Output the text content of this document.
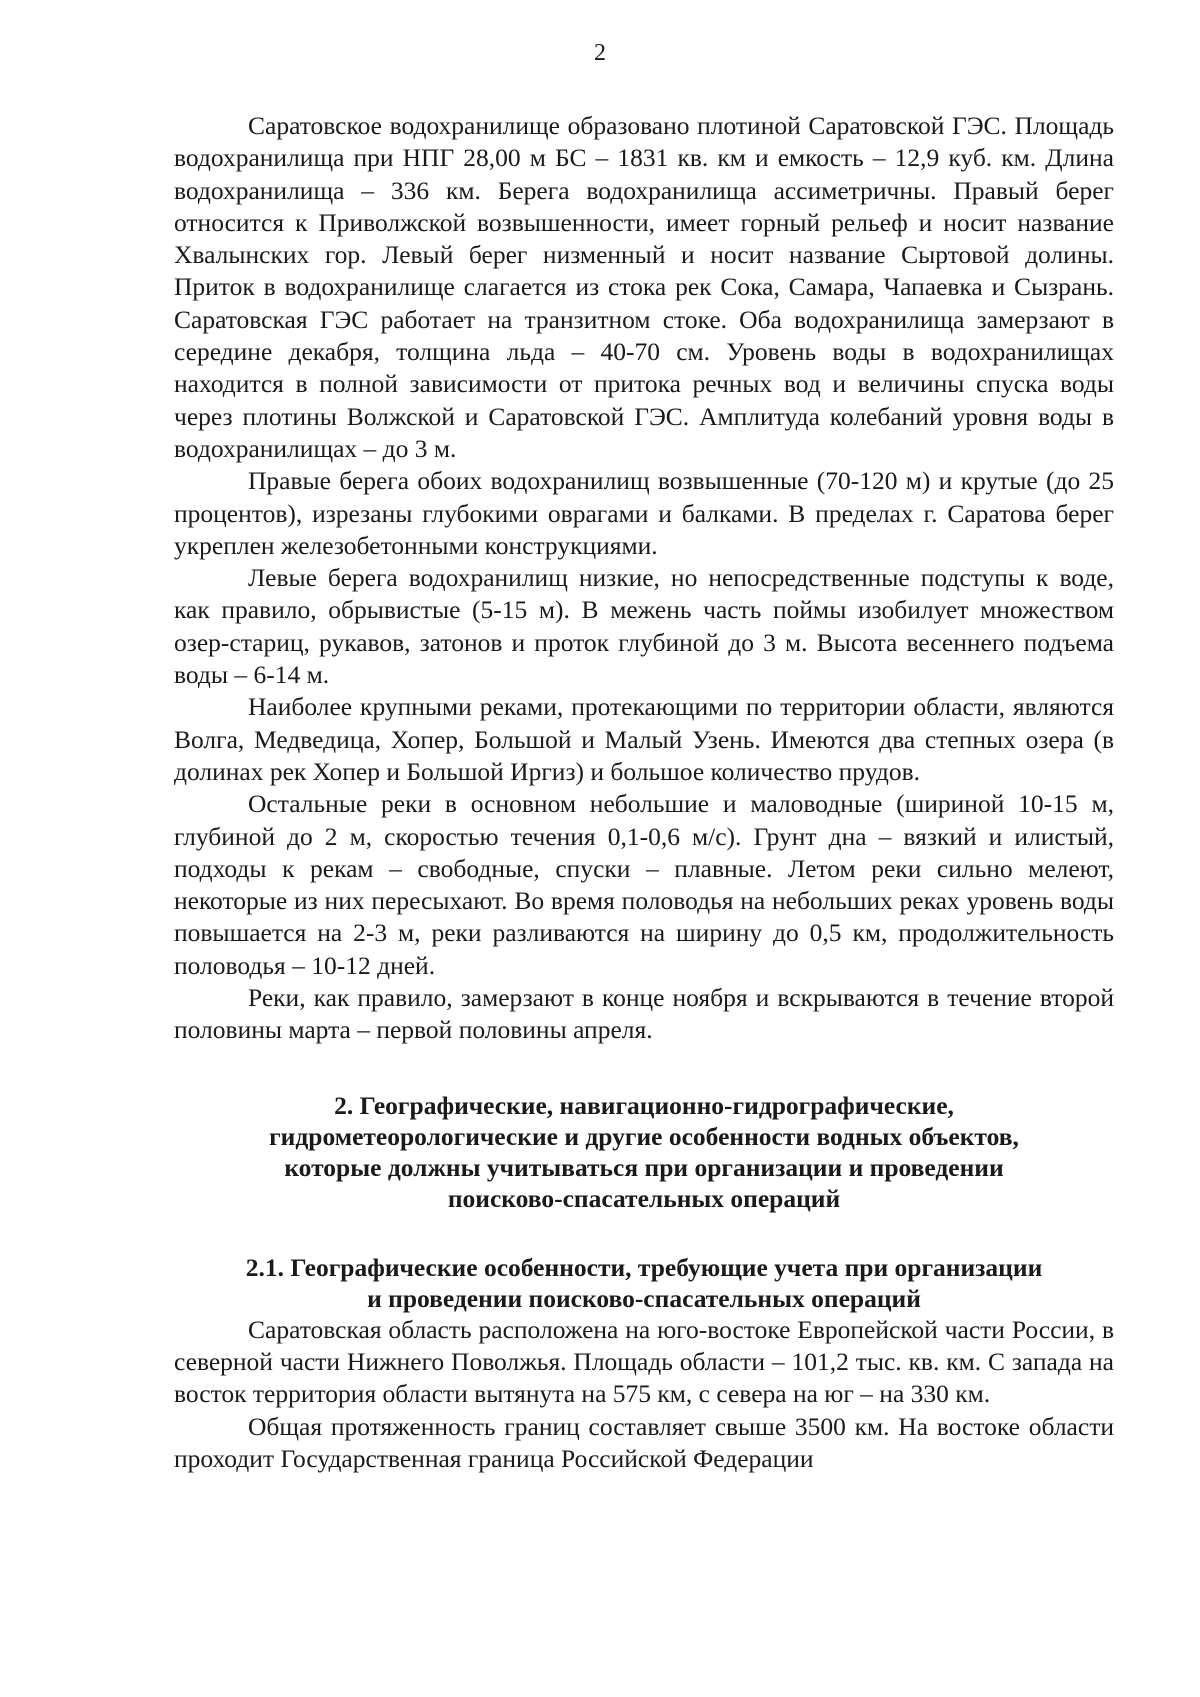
2

Саратовское водохранилище образовано плотиной Саратовской ГЭС. Площадь водохранилища при НПГ 28,00 м БС – 1831 кв. км и емкость – 12,9 куб. км. Длина водохранилища – 336 км. Берега водохранилища ассиметричны. Правый берег относится к Приволжской возвышенности, имеет горный рельеф и носит название Хвалынских гор. Левый берег низменный и носит название Сыртовой долины. Приток в водохранилище слагается из стока рек Сока, Самара, Чапаевка и Сызрань. Саратовская ГЭС работает на транзитном стоке. Оба водохранилища замерзают в середине декабря, толщина льда – 40-70 см. Уровень воды в водохранилищах находится в полной зависимости от притока речных вод и величины спуска воды через плотины Волжской и Саратовской ГЭС. Амплитуда колебаний уровня воды в водохранилищах – до 3 м.

Правые берега обоих водохранилищ возвышенные (70-120 м) и крутые (до 25 процентов), изрезаны глубокими оврагами и балками. В пределах г. Саратова берег укреплен железобетонными конструкциями.

Левые берега водохранилищ низкие, но непосредственные подступы к воде, как правило, обрывистые (5-15 м). В межень часть поймы изобилует множеством озер-стариц, рукавов, затонов и проток глубиной до 3 м. Высота весеннего подъема воды – 6-14 м.

Наиболее крупными реками, протекающими по территории области, являются Волга, Медведица, Хопер, Большой и Малый Узень. Имеются два степных озера (в долинах рек Хопер и Большой Иргиз) и большое количество прудов.

Остальные реки в основном небольшие и маловодные (шириной 10-15 м, глубиной до 2 м, скоростью течения 0,1-0,6 м/с). Грунт дна – вязкий и илистый, подходы к рекам – свободные, спуски – плавные. Летом реки сильно мелеют, некоторые из них пересыхают. Во время половодья на небольших реках уровень воды повышается на 2-3 м, реки разливаются на ширину до 0,5 км, продолжительность половодья – 10-12 дней.

Реки, как правило, замерзают в конце ноября и вскрываются в течение второй половины марта – первой половины апреля.

2. Географические, навигационно-гидрографические,
гидрометеорологические и другие особенности водных объектов,
которые должны учитываться при организации и проведении
поисково-спасательных операций
2.1. Географические особенности, требующие учета при организации
и проведении поисково-спасательных операций

Саратовская область расположена на юго-востоке Европейской части России, в северной части Нижнего Поволжья. Площадь области – 101,2 тыс. кв. км. С запада на восток территория области вытянута на 575 км, с севера на юг – на 330 км.

Общая протяженность границ составляет свыше 3500 км. На востоке области проходит Государственная граница Российской Федерации
